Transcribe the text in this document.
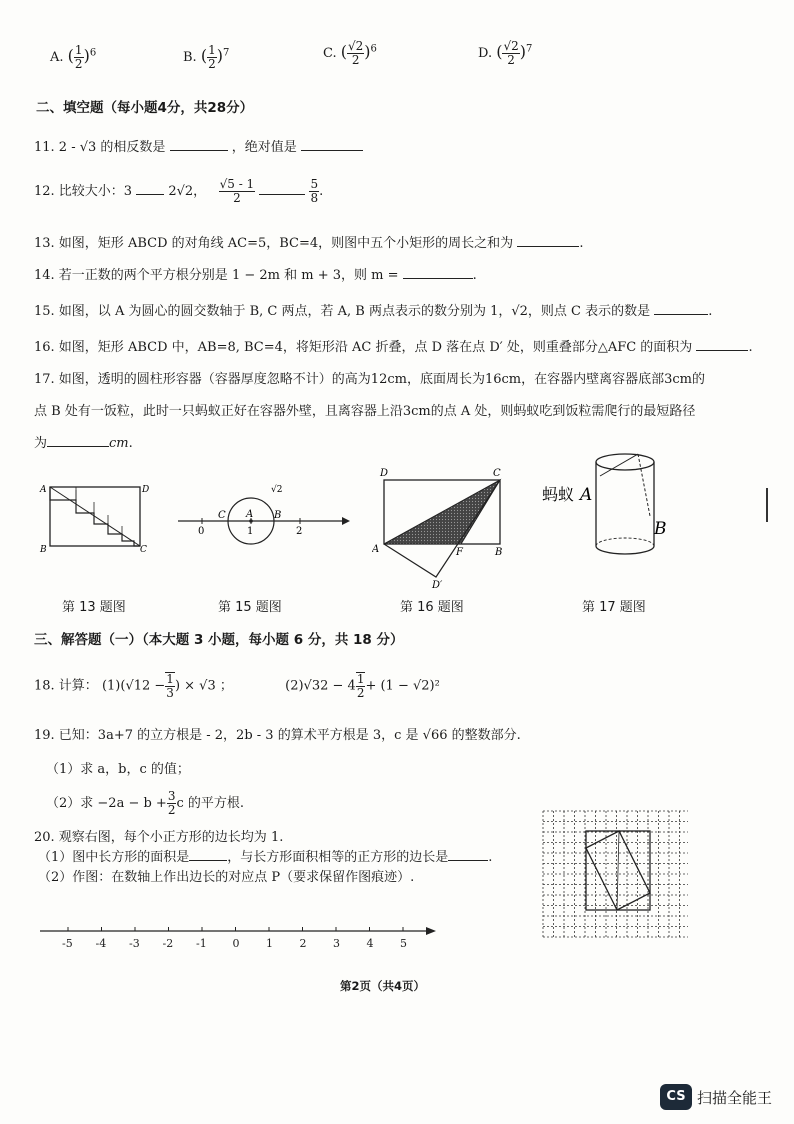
A. ( $\frac{1}{2} )^6$	B. ( $\frac{1}{2} )^7$	C. ( $\frac{√2}{2} )^6$	D. ( $\frac{√2}{2} )^7$
二、填空题（每小题4分，共28分）
11. 2 - √3 的相反数是	，绝对值是
12. 比较大小：3	2√2， $\frac{√5 - 1}{2}$
	$\frac{5}{8}$ .
13. 如图，矩形 ABCD 的对角线 AC=5，BC=4，则图中五个小矩形的周长之和为	.
14. 若一正数的两个平方根分别是 1 − 2m 和 m + 3，则 m =	.
15. 如图，以 A 为圆心的圆交数轴于 B, C 两点，若 A, B 两点表示的数分别为 1，√2，则点 C 表示的数是	.
16. 如图，矩形 ABCD 中，AB=8, BC=4，将矩形沿 AC 折叠，点 D 落在点 D′ 处，则重叠部分△AFC 的面积为	.
17. 如图，透明的圆柱形容器（容器厚度忽略不计）的高为12cm，底面周长为16cm，在容器内壁离容器底部3cm的
点 B 处有一饭粒，此时一只蚂蚁正好在容器外壁，且离容器上沿3cm的点 A 处，则蚂蚁吃到饭粒需爬行的最短路径
为	cm.
A	D
B	C
第 13 题图
0	1	2
C A B
√2
第 15 题图
D	C
A	B
F
D′
第 16 题图
蚂蚁 A
B
第 17 题图
三、解答题（一）（本大题 3 小题，每小题 6 分，共 18 分）
18. 计算： $(1)(√12 - \frac{1}{3}$ ) × √3 ；	$(2)√32 - 4 \frac{1}{2} + (1 - √2)^2$
19. 已知：3a+7 的立方根是 - 2，2b - 3 的算术平方根是 3，c 是 √66 的整数部分.
（1）求 a，b，c 的值；
（2）求 $-2a - b + \frac{3}{2}$ c 的平方根.
20. 观察右图，每个小正方形的边长均为 1.
（1）图中长方形的面积是	，与长方形面积相等的正方形的边长是	.
（2）作图：在数轴上作出边长的对应点 P（要求保留作图痕迹）.
-5 -4 -3 -2 -1 0 1 2 3 4 5
第2页（共4页）
CS 扫描全能王
